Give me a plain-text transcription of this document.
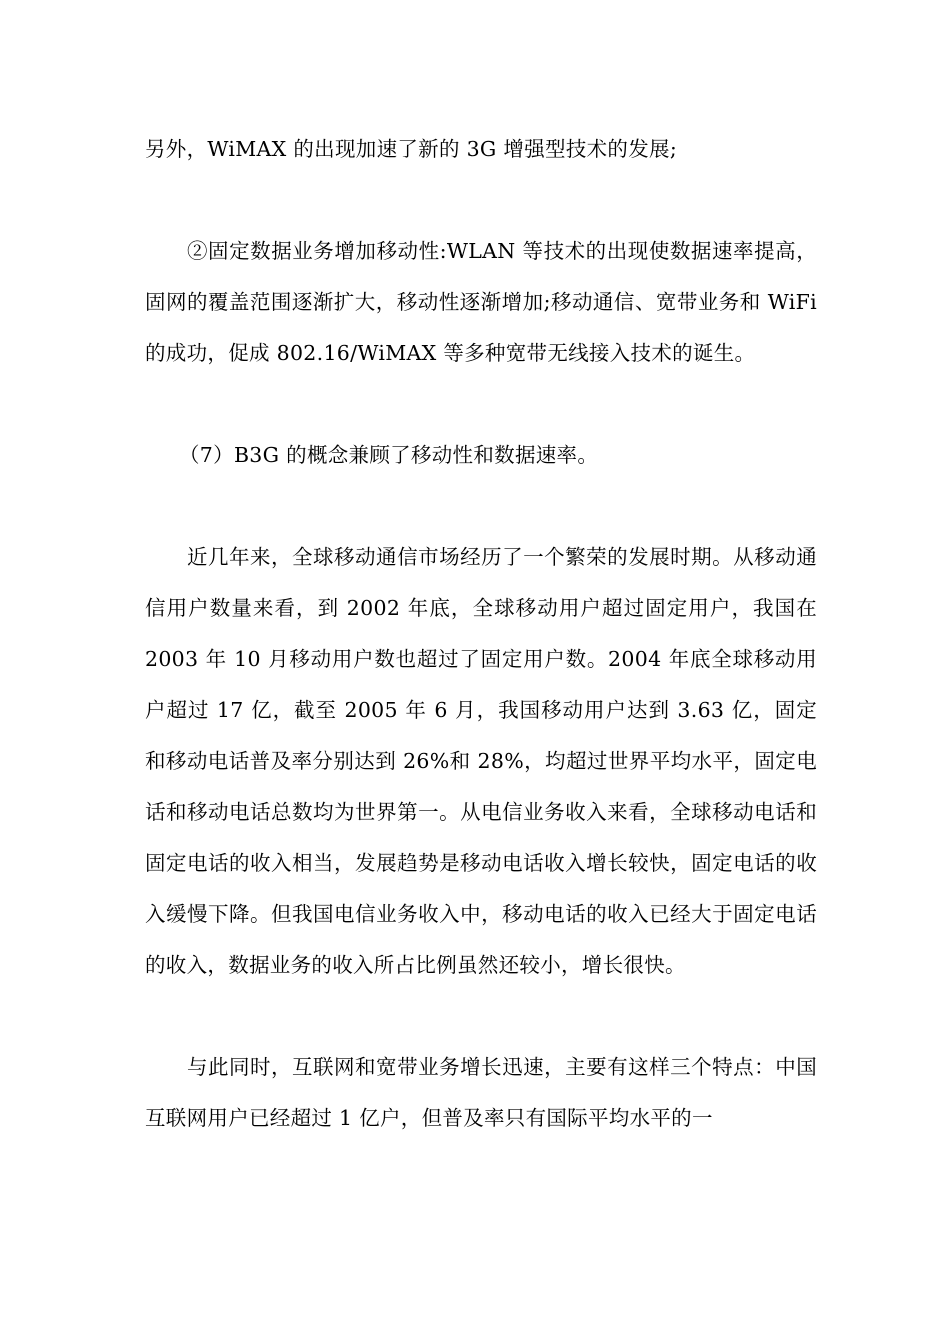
另外，WiMAX 的出现加速了新的 3G 增强型技术的发展;

②固定数据业务增加移动性:WLAN 等技术的出现使数据速率提高，固网的覆盖范围逐渐扩大，移动性逐渐增加;移动通信、宽带业务和 WiFi 的成功，促成 802.16/WiMAX 等多种宽带无线接入技术的诞生。

（7）B3G 的概念兼顾了移动性和数据速率。

近几年来，全球移动通信市场经历了一个繁荣的发展时期。从移动通信用户数量来看，到 2002 年底，全球移动用户超过固定用户，我国在 2003 年 10 月移动用户数也超过了固定用户数。2004 年底全球移动用户超过 17 亿，截至 2005 年 6 月，我国移动用户达到 3.63 亿，固定和移动电话普及率分别达到 26%和 28%，均超过世界平均水平，固定电话和移动电话总数均为世界第一。从电信业务收入来看，全球移动电话和固定电话的收入相当，发展趋势是移动电话收入增长较快，固定电话的收入缓慢下降。但我国电信业务收入中，移动电话的收入已经大于固定电话的收入，数据业务的收入所占比例虽然还较小，增长很快。

与此同时，互联网和宽带业务增长迅速，主要有这样三个特点：中国互联网用户已经超过 1 亿户，但普及率只有国际平均水平的一
